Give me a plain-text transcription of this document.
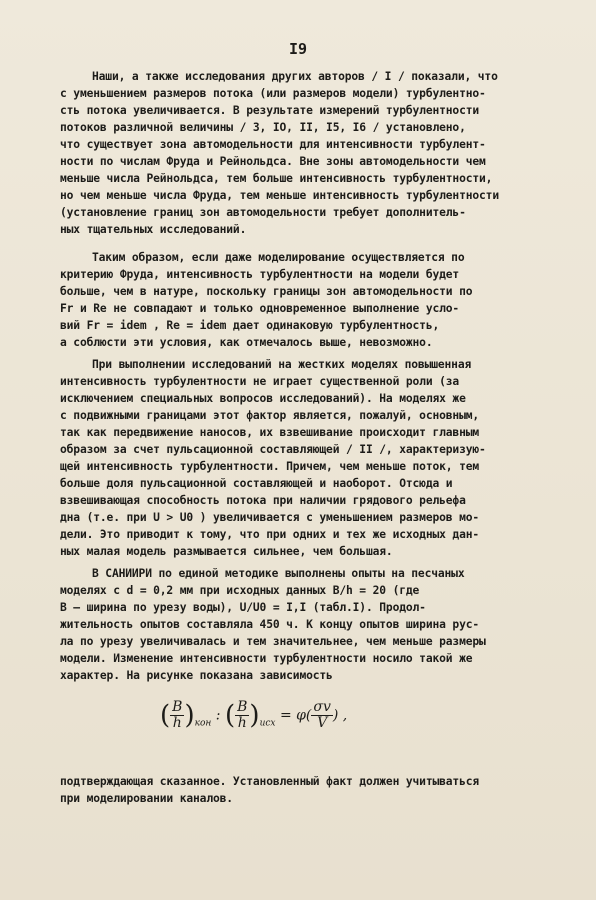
I9
Наши, а также исследования других авторов / I / показали, что
с уменьшением размеров потока (или размеров модели) турбулентно-
сть потока увеличивается. В результате измерений турбулентности
потоков различной величины / 3, IO, II, I5, I6 / установлено,
что существует зона автомодельности для интенсивности турбулент-
ности по числам Фруда и Рейнольдса. Вне зоны автомодельности чем
меньше числа Рейнольдса, тем больше интенсивность турбулентности,
но чем меньше числа Фруда, тем меньше интенсивность турбулентности
(установление границ зон автомодельности требует дополнитель-
ных тщательных исследований.
Таким образом, если даже моделирование осуществляется по
критерию Фруда, интенсивность турбулентности на модели будет
больше, чем в натуре, поскольку границы зон автомодельности по
Fr и Re не совпадают и только одновременное выполнение усло-
вий Fr = idem , Re = idem дает одинаковую турбулентность,
а соблюсти эти условия, как отмечалось выше, невозможно.
При выполнении исследований на жестких моделях повышенная
интенсивность турбулентности не играет существенной роли (за
исключением специальных вопросов исследований). На моделях же
с подвижными границами этот фактор является, пожалуй, основным,
так как передвижение наносов, их взвешивание происходит главным
образом за счет пульсационной составляющей / II /, характеризую-
щей интенсивность турбулентности. Причем, чем меньше поток, тем
больше доля пульсационной составляющей и наоборот. Отсюда и
взвешивающая способность потока при наличии грядового рельефа
дна (т.е. при U > U0 ) увеличивается с уменьшением размеров мо-
дели. Это приводит к тому, что при одних и тех же исходных дан-
ных малая модель размывается сильнее, чем большая.
В САНИИРИ по единой методике выполнены опыты на песчаных
моделях с d = 0,2 мм при исходных данных B/h = 20 (где
B – ширина по урезу воды), U/U0 = I,I (табл.I). Продол-
жительность опытов составляла 450 ч. К концу опытов ширина рус-
ла по урезу увеличивалась и тем значительнее, чем меньше размеры
модели. Изменение интенсивности турбулентности носило такой же
характер. На рисунке показана зависимость
( $\frac{B}{h} )_{кон}$ : ( $\frac{B}{h} )_{исх} = \varphi( \frac{\sigma v}{V}$ ) ,
подтверждающая сказанное. Установленный факт должен учитываться
при моделировании каналов.
